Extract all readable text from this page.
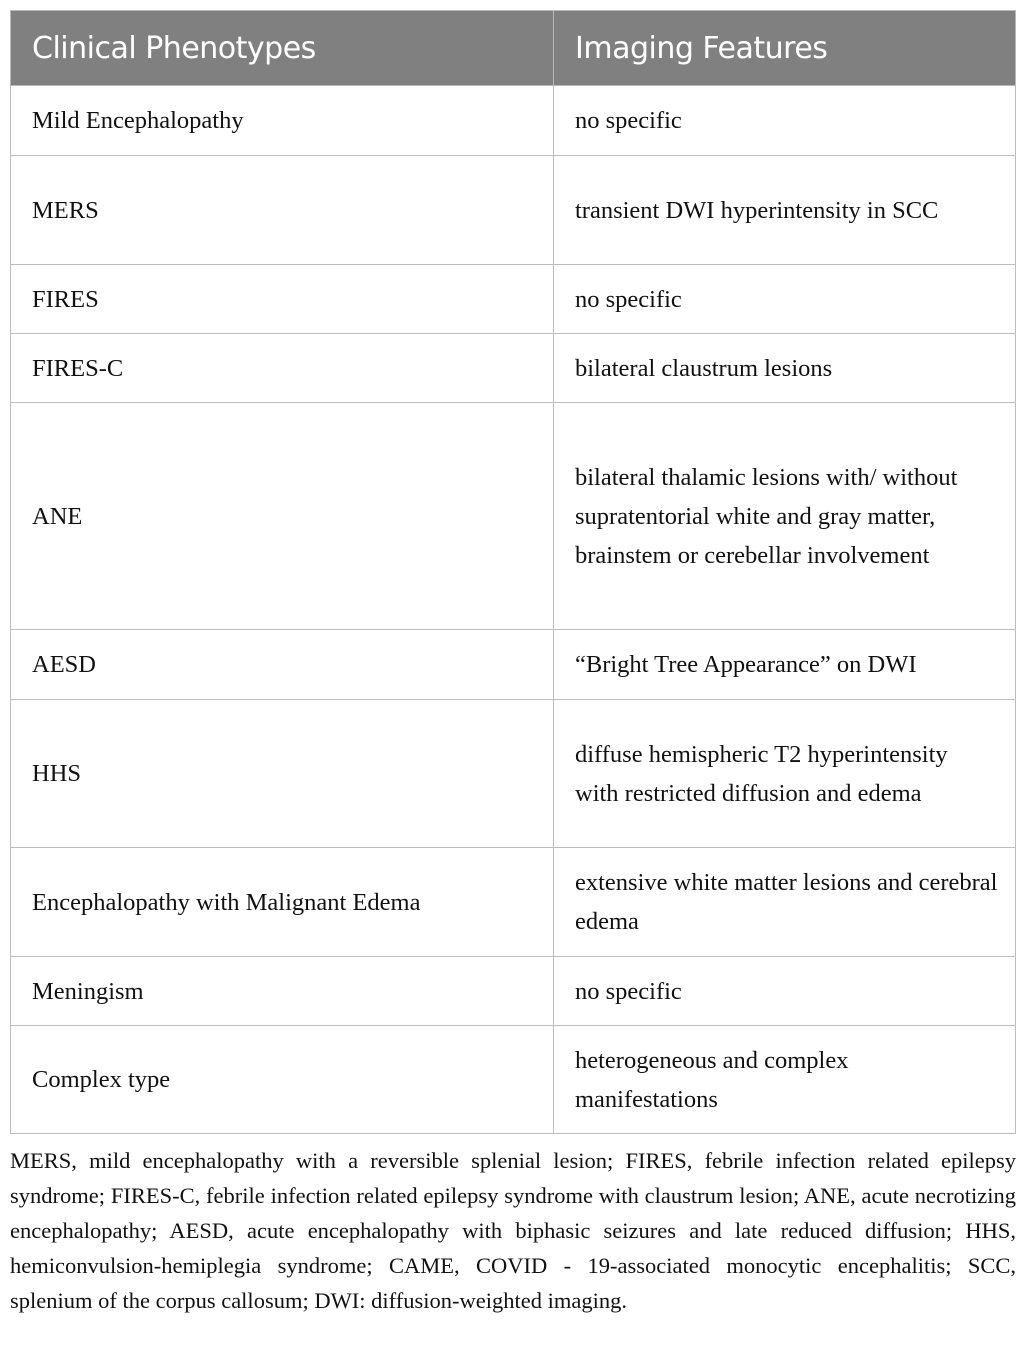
Clinical Phenotypes	Imaging Features
Mild Encephalopathy	no specific
MERS	transient DWI hyperintensity in SCC
FIRES	no specific
FIRES-C	bilateral claustrum lesions
ANE	bilateral thalamic lesions with/ without supratentorial white and gray matter,
brainstem or cerebellar involvement
AESD	“Bright Tree Appearance” on DWI
HHS	diffuse hemispheric T2 hyperintensity with restricted diffusion and edema
Encephalopathy with Malignant Edema	extensive white matter lesions and cerebral edema
Meningism	no specific
Complex type	heterogeneous and complex manifestations
MERS, mild encephalopathy with a reversible splenial lesion; FIRES, febrile infection related epilepsy syndrome; FIRES-C, febrile infection related epilepsy syndrome with claustrum lesion; ANE, acute necrotizing encephalopathy; AESD, acute encephalopathy with biphasic seizures and late reduced diffusion; HHS, hemiconvulsion-hemiplegia syndrome; CAME, COVID - 19-associated monocytic encephalitis; SCC, splenium of the corpus callosum; DWI: diffusion-weighted imaging.
